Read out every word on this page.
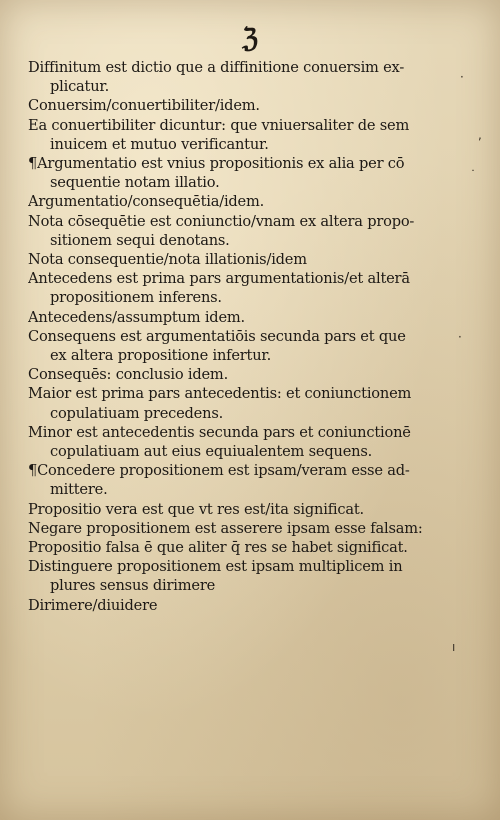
ℨ
Diffinitum est dictio que a diffinitione conuersim ex-
plicatur.
Conuersim/conuertibiliter/idem.
Ea conuertibiliter dicuntur: que vniuersaliter de sem
inuicem et mutuo verificantur.
¶Argumentatio est vnius propositionis ex alia per cō
sequentie notam illatio.
Argumentatio/consequētia/idem.
Nota cōsequētie est coniunctio/vnam ex altera propo-
sitionem sequi denotans.
Nota consequentie/nota illationis/idem
Antecedens est prima pars argumentationis/et alterā
propositionem inferens.
Antecedens/assumptum idem.
Consequens est argumentatiōis secunda pars et que
ex altera propositione infertur.
Consequēs: conclusio idem.
Maior est prima pars antecedentis: et coniunctionem
copulatiuam precedens.
Minor est antecedentis secunda pars et coniunctionē
copulatiuam aut eius equiualentem sequens.
¶Concedere propositionem est ipsam/veram esse ad-
mittere.
Propositio vera est que vt res est/ita significat.
Negare propositionem est asserere ipsam esse falsam:
Propositio falsa ē que aliter q̄ res se habet significat.
Distinguere propositionem est ipsam multiplicem in
plures sensus dirimere
Dirimere/diuidere
·
,
˙
·
ı
